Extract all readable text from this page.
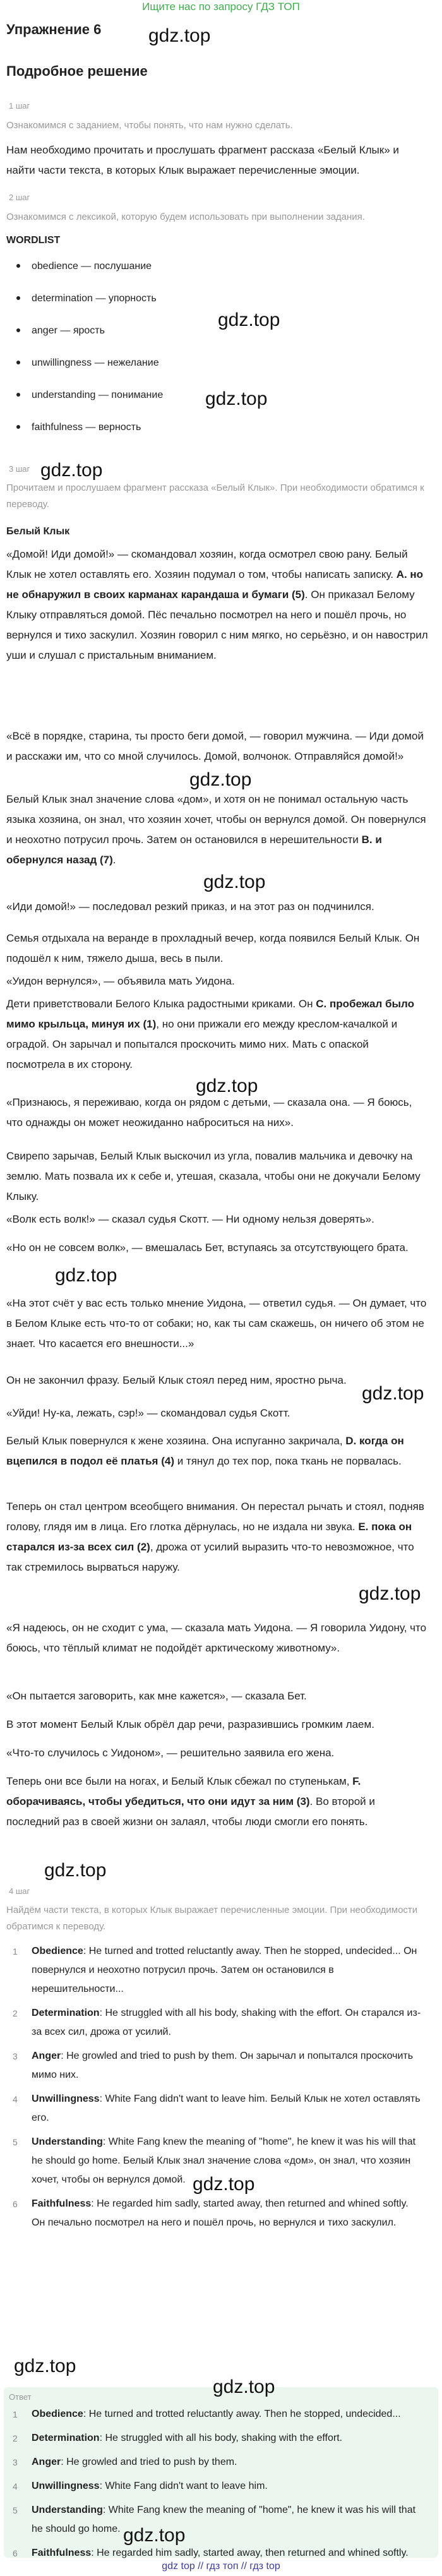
Ищите нас по запросу ГДЗ ТОП
Упражнение 6
Подробное решение
1 шаг
Ознакомимся с заданием, чтобы понять, что нам нужно сделать.
Нам необходимо прочитать и прослушать фрагмент рассказа «Белый Клык» и найти части текста, в которых Клык выражает перечисленные эмоции.
2 шаг
Ознакомимся с лексикой, которую будем использовать при выполнении задания.
WORDLIST
obedience — послушание
determination — упорность
anger — ярость
unwillingness — нежелание
understanding — понимание
faithfulness — верность
3 шаг
Прочитаем и прослушаем фрагмент рассказа «Белый Клык». При необходимости обратимся к переводу.
Белый Клык
«Домой! Иди домой!» — скомандовал хозяин, когда осмотрел свою рану. Белый Клык не хотел оставлять его. Хозяин подумал о том, чтобы написать записку. А. но не обнаружил в своих карманах карандаша и бумаги (5). Он приказал Белому Клыку отправляться домой. Пёс печально посмотрел на него и пошёл прочь, но вернулся и тихо заскулил. Хозяин говорил с ним мягко, но серьёзно, и он навострил уши и слушал с пристальным вниманием.
«Всё в порядке, старина, ты просто беги домой, — говорил мужчина. — Иди домой и расскажи им, что со мной случилось. Домой, волчонок. Отправляйся домой!»
Белый Клык знал значение слова «дом», и хотя он не понимал остальную часть языка хозяина, он знал, что хозяин хочет, чтобы он вернулся домой. Он повернулся и неохотно потрусил прочь. Затем он остановился в нерешительности В. и обернулся назад (7).
«Иди домой!» — последовал резкий приказ, и на этот раз он подчинился.
Семья отдыхала на веранде в прохладный вечер, когда появился Белый Клык. Он подошёл к ним, тяжело дыша, весь в пыли.
«Уидон вернулся», — объявила мать Уидона.
Дети приветствовали Белого Клыка радостными криками. Он С. пробежал было мимо крыльца, минуя их (1), но они прижали его между креслом-качалкой и оградой. Он зарычал и попытался проскочить мимо них. Мать с опаской посмотрела в их сторону.
«Признаюсь, я переживаю, когда он рядом с детьми, — сказала она. — Я боюсь, что однажды он может неожиданно наброситься на них».
Свирепо зарычав, Белый Клык выскочил из угла, повалив мальчика и девочку на землю. Мать позвала их к себе и, утешая, сказала, чтобы они не докучали Белому Клыку.
«Волк есть волк!» — сказал судья Скотт. — Ни одному нельзя доверять».
«Но он не совсем волк», — вмешалась Бет, вступаясь за отсутствующего брата.
«На этот счёт у вас есть только мнение Уидона, — ответил судья. — Он думает, что в Белом Клыке есть что-то от собаки; но, как ты сам скажешь, он ничего об этом не знает. Что касается его внешности...»
Он не закончил фразу. Белый Клык стоял перед ним, яростно рыча.
«Уйди! Ну-ка, лежать, сэр!» — скомандовал судья Скотт.
Белый Клык повернулся к жене хозяина. Она испуганно закричала, D. когда он вцепился в подол её платья (4) и тянул до тех пор, пока ткань не порвалась.
Теперь он стал центром всеобщего внимания. Он перестал рычать и стоял, подняв голову, глядя им в лица. Его глотка дёрнулась, но не издала ни звука. Е. пока он старался из-за всех сил (2), дрожа от усилий выразить что-то невозможное, что так стремилось вырваться наружу.
«Я надеюсь, он не сходит с ума, — сказала мать Уидона. — Я говорила Уидону, что боюсь, что тёплый климат не подойдёт арктическому животному».
«Он пытается заговорить, как мне кажется», — сказала Бет.
В этот момент Белый Клык обрёл дар речи, разразившись громким лаем.
«Что-то случилось с Уидоном», — решительно заявила его жена.
Теперь они все были на ногах, и Белый Клык сбежал по ступенькам, F. оборачиваясь, чтобы убедиться, что они идут за ним (3). Во второй и последний раз в своей жизни он залаял, чтобы люди смогли его понять.
4 шаг
Найдём части текста, в которых Клык выражает перечисленные эмоции. При необходимости обратимся к переводу.
1 Obedience: He turned and trotted reluctantly away. Then he stopped, undecided... Он повернулся и неохотно потрусил прочь. Затем он остановился в нерешительности...
2 Determination: He struggled with all his body, shaking with the effort. Он старался из-за всех сил, дрожа от усилий.
3 Anger: He growled and tried to push by them. Он зарычал и попытался проскочить мимо них.
4 Unwillingness: White Fang didn't want to leave him. Белый Клык не хотел оставлять его.
5 Understanding: White Fang knew the meaning of "home", he knew it was his will that he should go home. Белый Клык знал значение слова «дом», он знал, что хозяин хочет, чтобы он вернулся домой.
6 Faithfulness: He regarded him sadly, started away, then returned and whined softly. Он печально посмотрел на него и пошёл прочь, но вернулся и тихо заскулил.
Ответ
1 Obedience: He turned and trotted reluctantly away. Then he stopped, undecided...
2 Determination: He struggled with all his body, shaking with the effort.
3 Anger: He growled and tried to push by them.
4 Unwillingness: White Fang didn't want to leave him.
5 Understanding: White Fang knew the meaning of "home", he knew it was his will that he should go home.
6 Faithfulness: He regarded him sadly, started away, then returned and whined softly.
gdz.top
gdz.top
gdz.top
gdz.top
gdz.top
gdz.top
gdz.top
gdz.top
gdz.top
gdz.top
gdz.top
gdz.top
gdz.top
gdz.top
gdz.top
gdz top // гдз топ // гдз top
